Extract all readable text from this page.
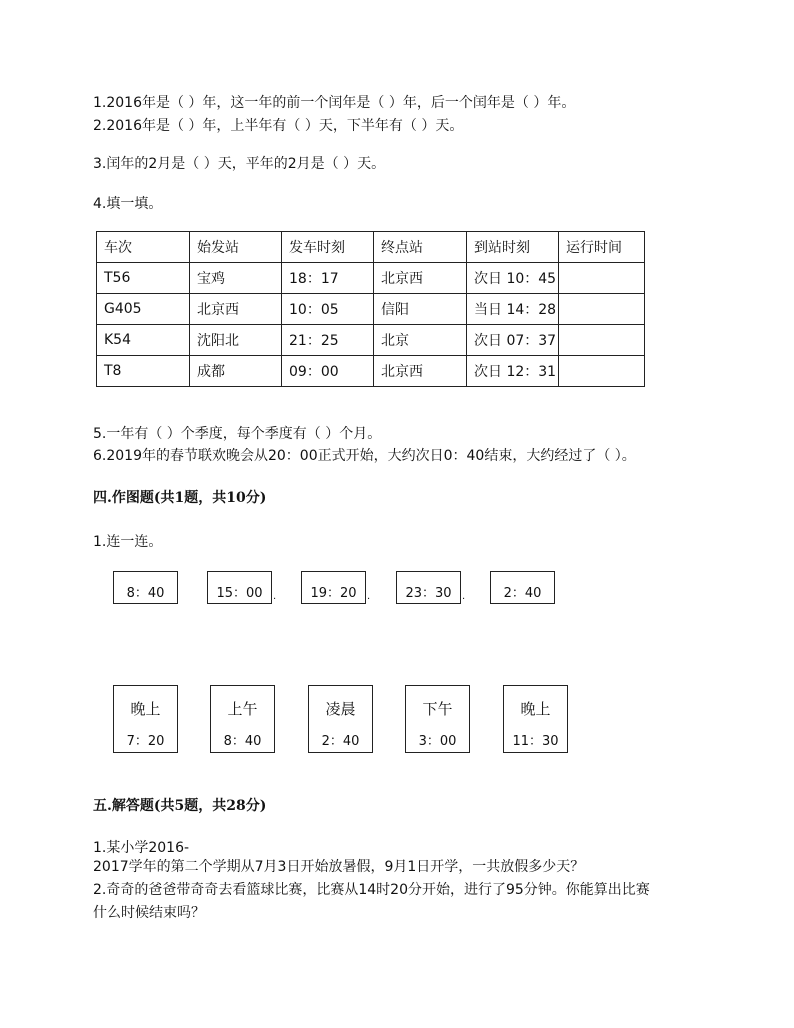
1.2016年是（ ）年，这一年的前一个闰年是（ ）年，后一个闰年是（ ）年。
2.2016年是（ ）年，上半年有（ ）天，下半年有（ ）天。
3.闰年的2月是（ ）天，平年的2月是（ ）天。
4.填一填。
车次	始发站	发车时刻	终点站	到站时刻	运行时间
T56	宝鸡	18：17	北京西	次日 10：45	
G405	北京西	10：05	信阳	当日 14：28	
K54	沈阳北	21：25	北京	次日 07：37	
T8	成都	09：00	北京西	次日 12：31	
5.一年有（ ）个季度，每个季度有（ ）个月。
6.2019年的春节联欢晚会从20：00正式开始，大约次日0：40结束，大约经过了（ ）。
四.作图题(共1题，共10分)
1.连一连。
8：40	15：00	.	19：20	.	23：30	.	2：40
晚上
7：20
上午
8：40
凌晨
2：40
下午
3：00
晚上
11：30
五.解答题(共5题，共28分)
1.某小学2016-
2017学年的第二个学期从7月3日开始放暑假，9月1日开学，一共放假多少天？
2.奇奇的爸爸带奇奇去看篮球比赛，比赛从14时20分开始，进行了95分钟。你能算出比赛
什么时候结束吗？
